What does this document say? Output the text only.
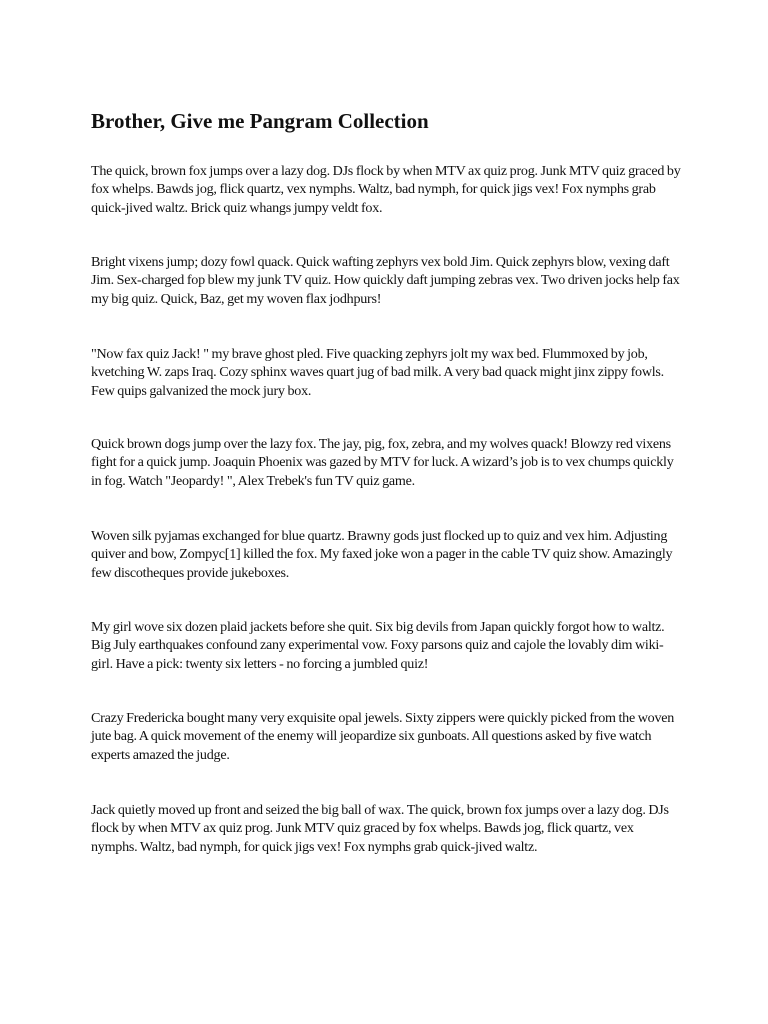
Brother, Give me Pangram Collection

The quick, brown fox jumps over a lazy dog. DJs flock by when MTV ax quiz prog. Junk MTV quiz graced by fox whelps. Bawds jog, flick quartz, vex nymphs. Waltz, bad nymph, for quick jigs vex! Fox nymphs grab quick-jived waltz. Brick quiz whangs jumpy veldt fox.

Bright vixens jump; dozy fowl quack. Quick wafting zephyrs vex bold Jim. Quick zephyrs blow, vexing daft Jim. Sex-charged fop blew my junk TV quiz. How quickly daft jumping zebras vex. Two driven jocks help fax my big quiz. Quick, Baz, get my woven flax jodhpurs!

"Now fax quiz Jack! " my brave ghost pled. Five quacking zephyrs jolt my wax bed. Flummoxed by job, kvetching W. zaps Iraq. Cozy sphinx waves quart jug of bad milk. A very bad quack might jinx zippy fowls. Few quips galvanized the mock jury box.

Quick brown dogs jump over the lazy fox. The jay, pig, fox, zebra, and my wolves quack! Blowzy red vixens fight for a quick jump. Joaquin Phoenix was gazed by MTV for luck. A wizard’s job is to vex chumps quickly in fog. Watch "Jeopardy! ", Alex Trebek's fun TV quiz game.

Woven silk pyjamas exchanged for blue quartz. Brawny gods just flocked up to quiz and vex him. Adjusting quiver and bow, Zompyc[1] killed the fox. My faxed joke won a pager in the cable TV quiz show. Amazingly few discotheques provide jukeboxes.

My girl wove six dozen plaid jackets before she quit. Six big devils from Japan quickly forgot how to waltz. Big July earthquakes confound zany experimental vow. Foxy parsons quiz and cajole the lovably dim wiki-girl. Have a pick: twenty six letters - no forcing a jumbled quiz!

Crazy Fredericka bought many very exquisite opal jewels. Sixty zippers were quickly picked from the woven jute bag. A quick movement of the enemy will jeopardize six gunboats. All questions asked by five watch experts amazed the judge.

Jack quietly moved up front and seized the big ball of wax. The quick, brown fox jumps over a lazy dog. DJs flock by when MTV ax quiz prog. Junk MTV quiz graced by fox whelps. Bawds jog, flick quartz, vex nymphs. Waltz, bad nymph, for quick jigs vex! Fox nymphs grab quick-jived waltz.
